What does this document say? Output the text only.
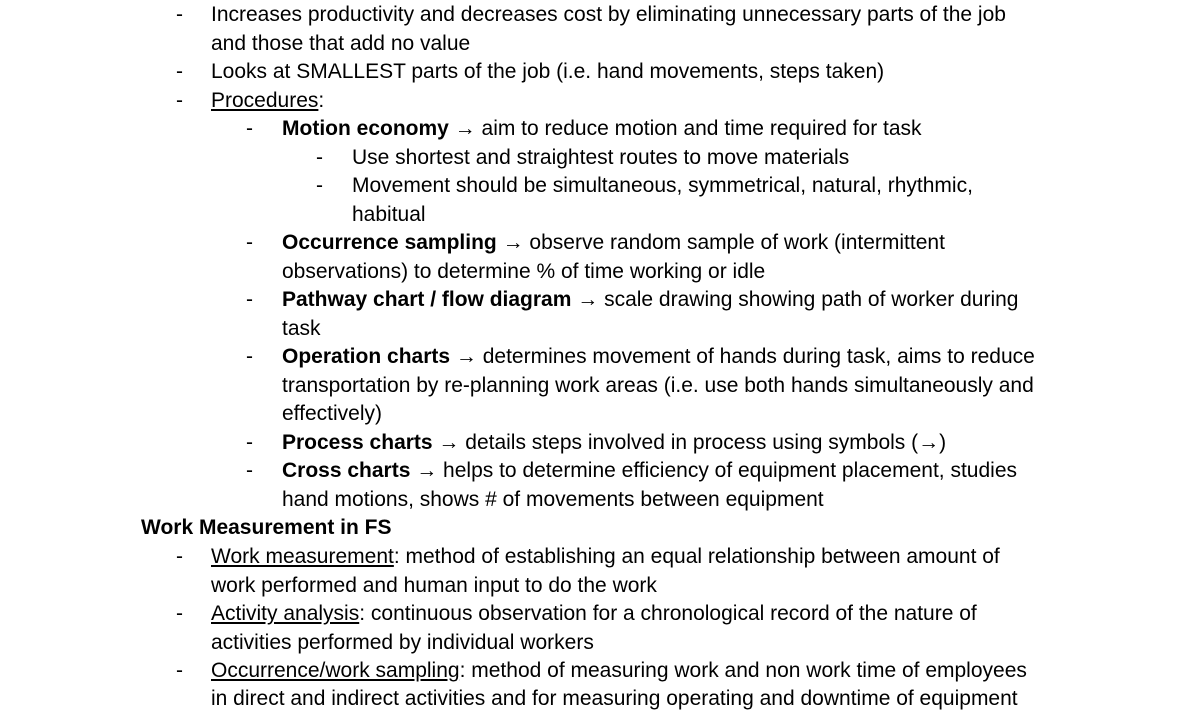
-
-
-
-
-
-
-
-
-
-
-
-
-
-
Increases productivity and decreases cost by eliminating unnecessary parts of the job
and those that add no value
Looks at SMALLEST parts of the job (i.e. hand movements, steps taken)
Procedures:
Motion economy → aim to reduce motion and time required for task
Use shortest and straightest routes to move materials
Movement should be simultaneous, symmetrical, natural, rhythmic,
habitual
Occurrence sampling → observe random sample of work (intermittent
observations) to determine % of time working or idle
Pathway chart / flow diagram → scale drawing showing path of worker during
task
Operation charts → determines movement of hands during task, aims to reduce
transportation by re-planning work areas (i.e. use both hands simultaneously and
effectively)
Process charts → details steps involved in process using symbols (→)
Cross charts → helps to determine efficiency of equipment placement, studies
hand motions, shows # of movements between equipment
Work Measurement in FS
Work measurement: method of establishing an equal relationship between amount of
work performed and human input to do the work
Activity analysis: continuous observation for a chronological record of the nature of
activities performed by individual workers
Occurrence/work sampling: method of measuring work and non work time of employees
in direct and indirect activities and for measuring operating and downtime of equipment
